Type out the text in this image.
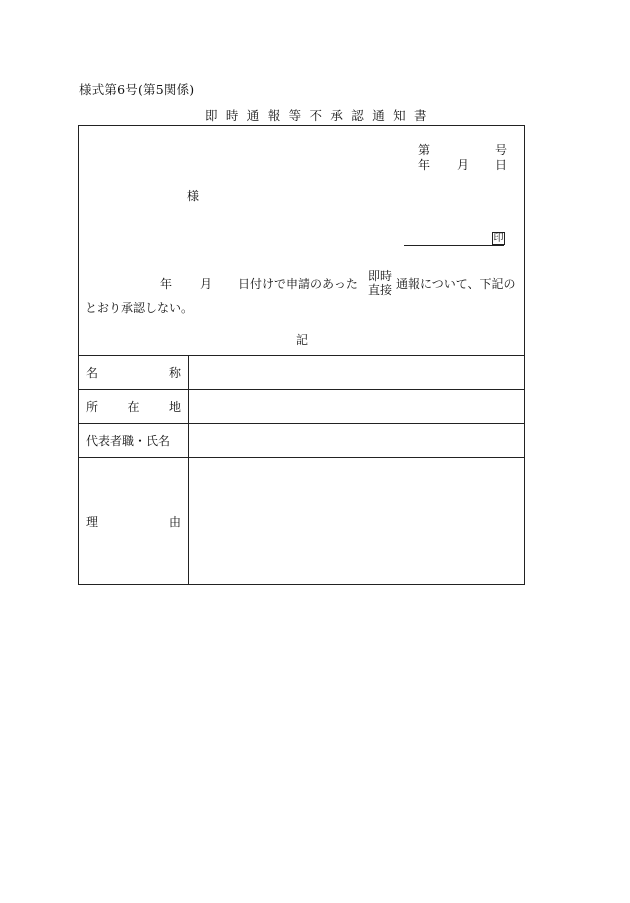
様式第6号(第5関係)
即時通報等不承認通知書
第	号
年 月 日
様
印
年 月 日付けで申請のあった
即時
直接 通報について、下記の
とおり承認しない。
記
名 称	

所 在 地	

代表者職・氏名	

理 由	
